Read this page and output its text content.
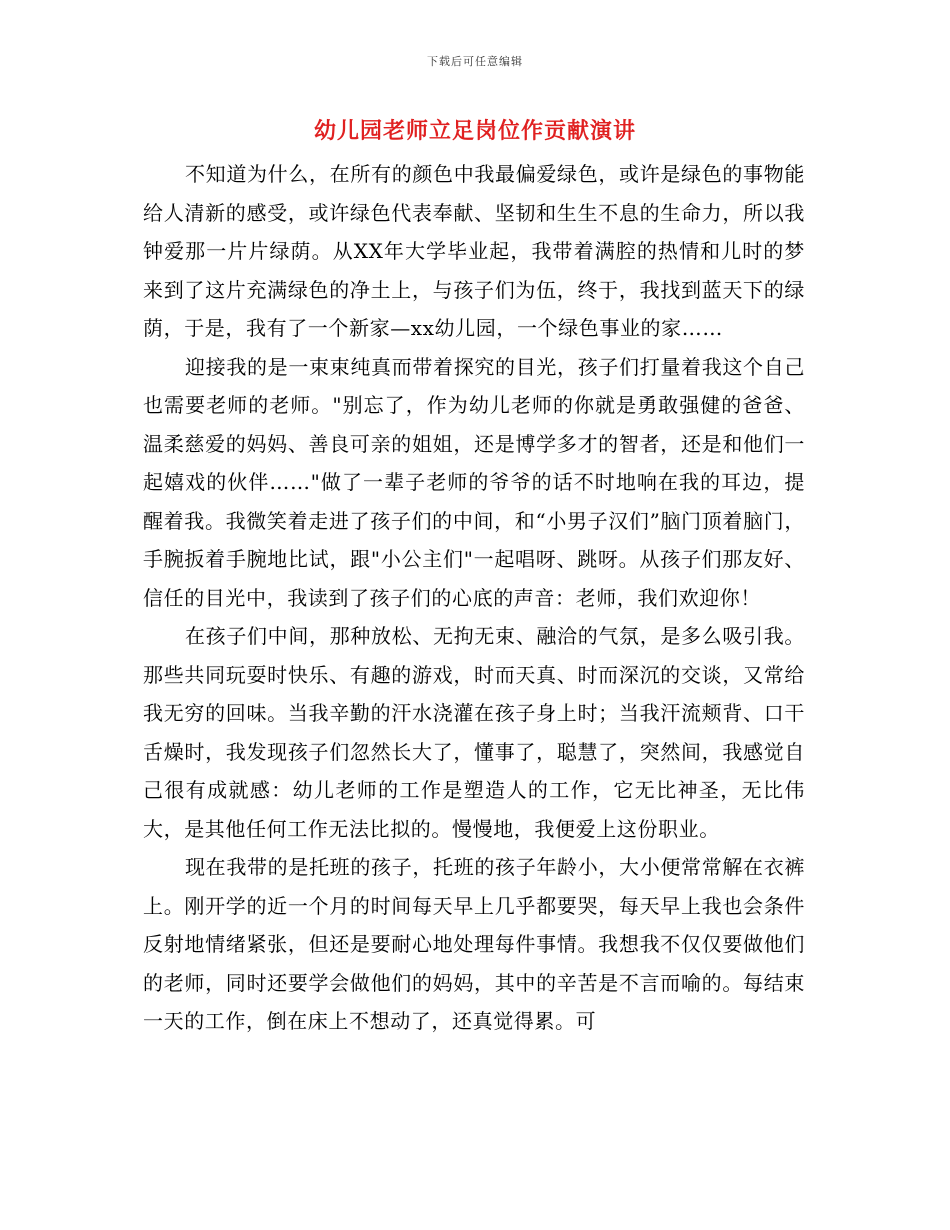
下载后可任意编辑
幼儿园老师立足岗位作贡献演讲

不知道为什么，在所有的颜色中我最偏爱绿色，或许是绿色的事物能给人清新的感受，或许绿色代表奉献、坚韧和生生不息的生命力，所以我钟爱那一片片绿荫。从XX年大学毕业起，我带着满腔的热情和儿时的梦来到了这片充满绿色的净土上，与孩子们为伍，终于，我找到蓝天下的绿荫，于是，我有了一个新家—xx幼儿园，一个绿色事业的家……

迎接我的是一束束纯真而带着探究的目光，孩子们打量着我这个自己也需要老师的老师。"别忘了，作为幼儿老师的你就是勇敢强健的爸爸、温柔慈爱的妈妈、善良可亲的姐姐，还是博学多才的智者，还是和他们一起嬉戏的伙伴……"做了一辈子老师的爷爷的话不时地响在我的耳边，提醒着我。我微笑着走进了孩子们的中间，和“小男子汉们”脑门顶着脑门，手腕扳着手腕地比试，跟"小公主们"一起唱呀、跳呀。从孩子们那友好、信任的目光中，我读到了孩子们的心底的声音：老师，我们欢迎你！

在孩子们中间，那种放松、无拘无束、融洽的气氛，是多么吸引我。那些共同玩耍时快乐、有趣的游戏，时而天真、时而深沉的交谈，又常给我无穷的回味。当我辛勤的汗水浇灌在孩子身上时；当我汗流颊背、口干舌燥时，我发现孩子们忽然长大了，懂事了，聪慧了，突然间，我感觉自己很有成就感：幼儿老师的工作是塑造人的工作，它无比神圣，无比伟大，是其他任何工作无法比拟的。慢慢地，我便爱上这份职业。

现在我带的是托班的孩子，托班的孩子年龄小，大小便常常解在衣裤上。刚开学的近一个月的时间每天早上几乎都要哭，每天早上我也会条件反射地情绪紧张，但还是要耐心地处理每件事情。我想我不仅仅要做他们的老师，同时还要学会做他们的妈妈，其中的辛苦是不言而喻的。每结束一天的工作，倒在床上不想动了，还真觉得累。可
